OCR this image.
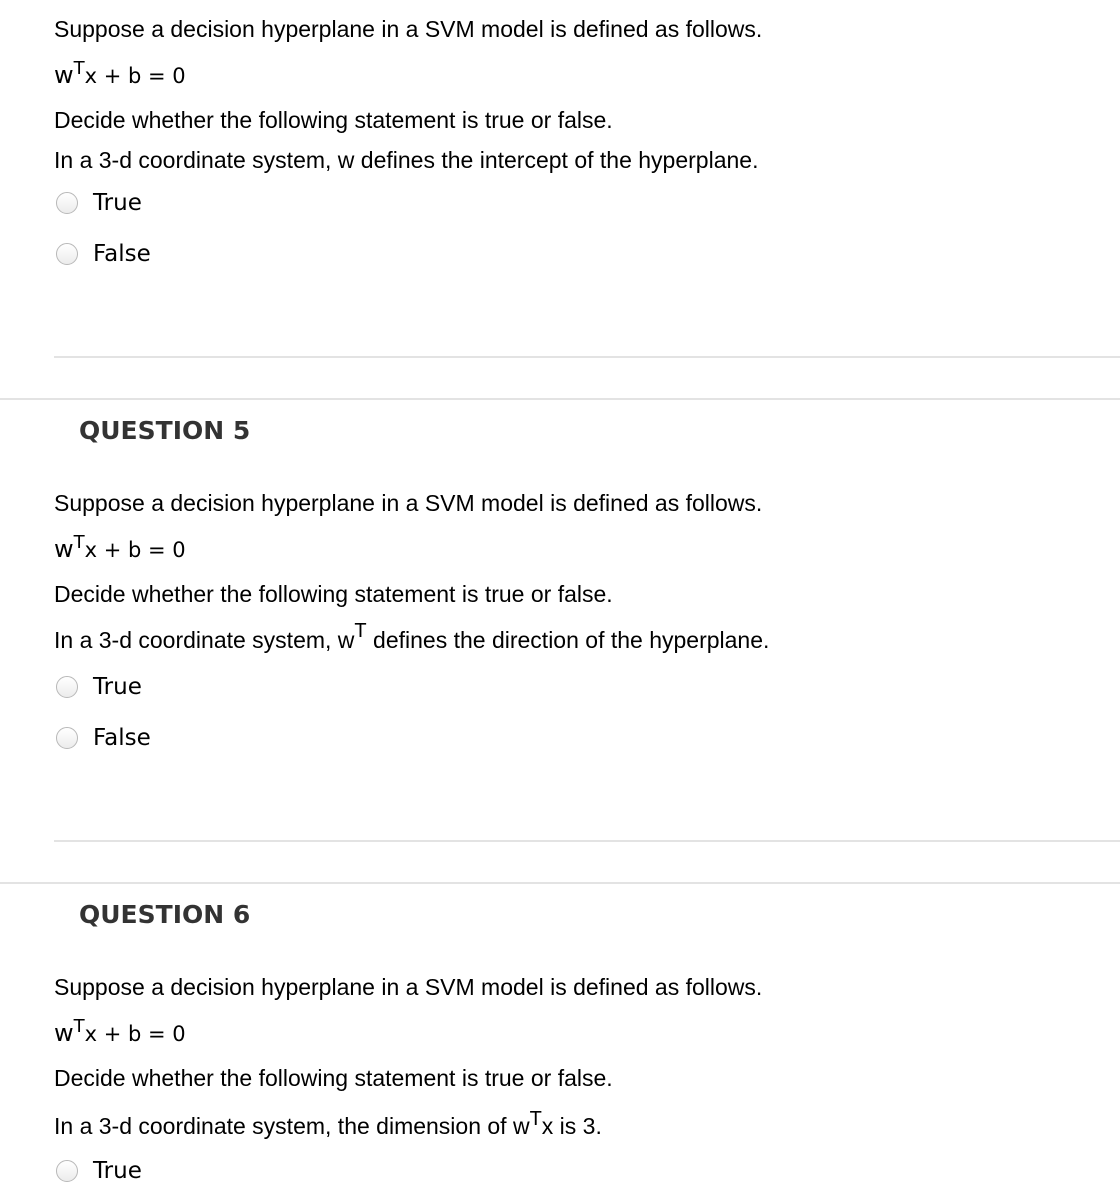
Suppose a decision hyperplane in a SVM model is defined as follows.
$w^Tx + b = 0$
Decide whether the following statement is true or false.
In a 3-d coordinate system, w defines the intercept of the hyperplane.
True
False
QUESTION 5
Suppose a decision hyperplane in a SVM model is defined as follows.
$w^Tx + b = 0$
Decide whether the following statement is true or false.
In a 3-d coordinate system, $w^T$ defines the direction of the hyperplane.
True
False
QUESTION 6
Suppose a decision hyperplane in a SVM model is defined as follows.
$w^Tx + b = 0$
Decide whether the following statement is true or false.
In a 3-d coordinate system, the dimension of $w^Tx$ is 3.
True
